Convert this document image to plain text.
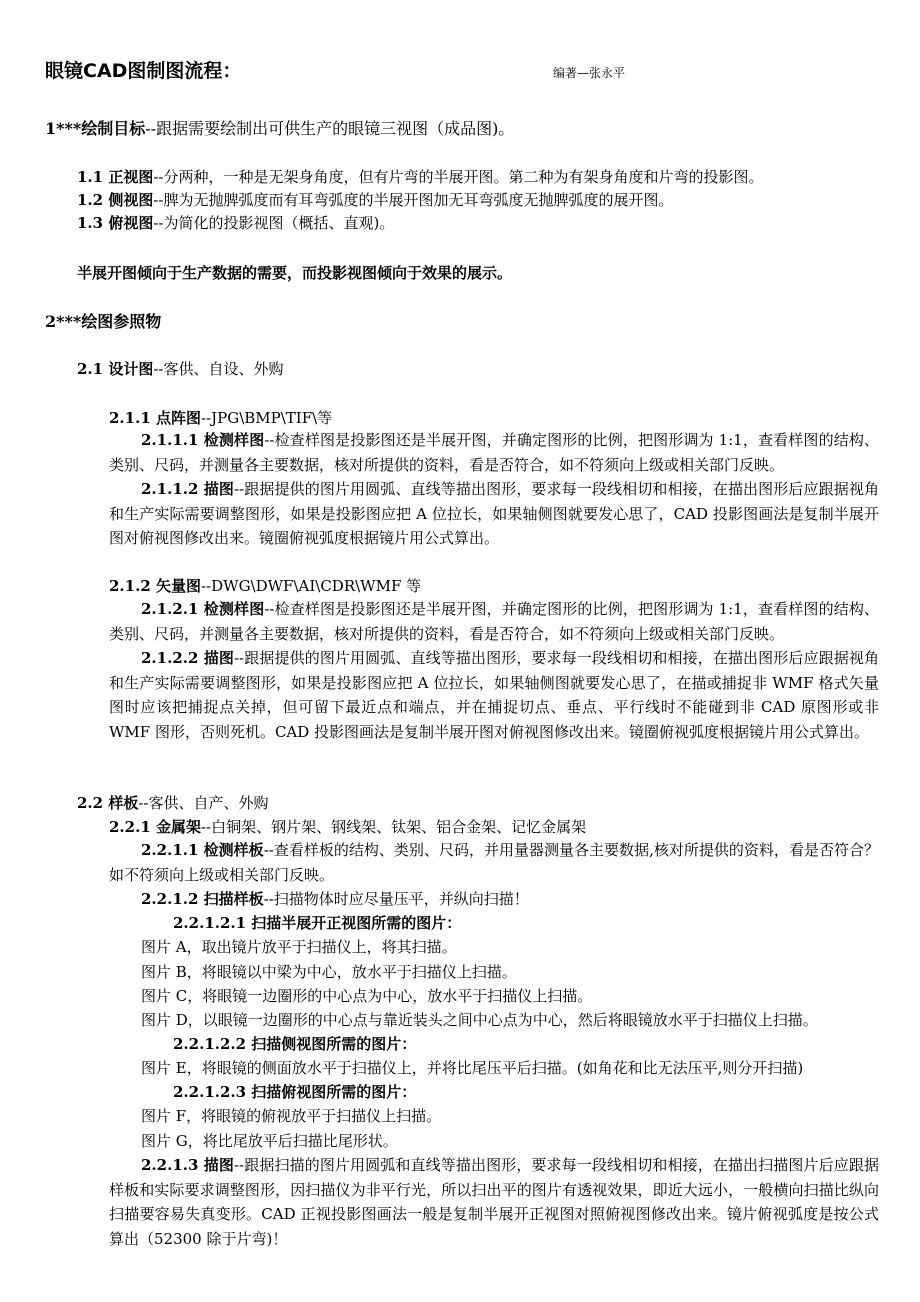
眼镜CAD图制图流程：	编著—张永平
1***绘制目标--跟据需要绘制出可供生产的眼镜三视图（成品图)。
1.1 正视图--分两种，一种是无架身角度，但有片弯的半展开图。第二种为有架身角度和片弯的投影图。
1.2 侧视图--脾为无抛脾弧度而有耳弯弧度的半展开图加无耳弯弧度无抛脾弧度的展开图。
1.3 俯视图--为简化的投影视图（概括、直观)。
半展开图倾向于生产数据的需要，而投影视图倾向于效果的展示。
2***绘图参照物
2.1 设计图--客供、自设、外购
2.1.1 点阵图--JPG\BMP\TIF\等
2.1.1.1 检测样图--检查样图是投影图还是半展开图，并确定图形的比例，把图形调为 1:1，查看样图的结构、类别、尺码，并测量各主要数据，核对所提供的资料，看是否符合，如不符须向上级或相关部门反映。
2.1.1.2 描图--跟据提供的图片用圆弧、直线等描出图形，要求每一段线相切和相接，在描出图形后应跟据视角和生产实际需要调整图形，如果是投影图应把 A 位拉长，如果轴侧图就要发心思了，CAD 投影图画法是复制半展开图对俯视图修改出来。镜圈俯视弧度根据镜片用公式算出。
2.1.2 矢量图--DWG\DWF\AI\CDR\WMF 等
2.1.2.1 检测样图--检查样图是投影图还是半展开图，并确定图形的比例，把图形调为 1:1，查看样图的结构、类别、尺码，并测量各主要数据，核对所提供的资料，看是否符合，如不符须向上级或相关部门反映。
2.1.2.2 描图--跟据提供的图片用圆弧、直线等描出图形，要求每一段线相切和相接，在描出图形后应跟据视角和生产实际需要调整图形，如果是投影图应把 A 位拉长，如果轴侧图就要发心思了，在描或捕捉非 WMF 格式矢量图时应该把捕捉点关掉，但可留下最近点和端点，并在捕捉切点、垂点、平行线时不能碰到非 CAD 原图形或非 WMF 图形，否则死机。CAD 投影图画法是复制半展开图对俯视图修改出来。镜圈俯视弧度根据镜片用公式算出。
2.2 样板--客供、自产、外购
2.2.1 金属架--白铜架、钢片架、钢线架、钛架、铝合金架、记忆金属架
2.2.1.1 检测样板--查看样板的结构、类别、尺码，并用量器测量各主要数据,核对所提供的资料，看是否符合？如不符须向上级或相关部门反映。
2.2.1.2 扫描样板--扫描物体时应尽量压平，并纵向扫描！
2.2.1.2.1 扫描半展开正视图所需的图片：
图片 A，取出镜片放平于扫描仪上，将其扫描。
图片 B，将眼镜以中梁为中心，放水平于扫描仪上扫描。
图片 C，将眼镜一边圈形的中心点为中心，放水平于扫描仪上扫描。
图片 D，以眼镜一边圈形的中心点与靠近装头之间中心点为中心，然后将眼镜放水平于扫描仪上扫描。
2.2.1.2.2 扫描侧视图所需的图片：
图片 E，将眼镜的侧面放水平于扫描仪上，并将比尾压平后扫描。(如角花和比无法压平,则分开扫描)
2.2.1.2.3 扫描俯视图所需的图片：
图片 F，将眼镜的俯视放平于扫描仪上扫描。
图片 G，将比尾放平后扫描比尾形状。
2.2.1.3 描图--跟据扫描的图片用圆弧和直线等描出图形，要求每一段线相切和相接，在描出扫描图片后应跟据样板和实际要求调整图形，因扫描仪为非平行光，所以扫出平的图片有透视效果，即近大远小，一般横向扫描比纵向扫描要容易失真变形。CAD 正视投影图画法一般是复制半展开正视图对照俯视图修改出来。镜片俯视弧度是按公式算出（52300 除于片弯)！
